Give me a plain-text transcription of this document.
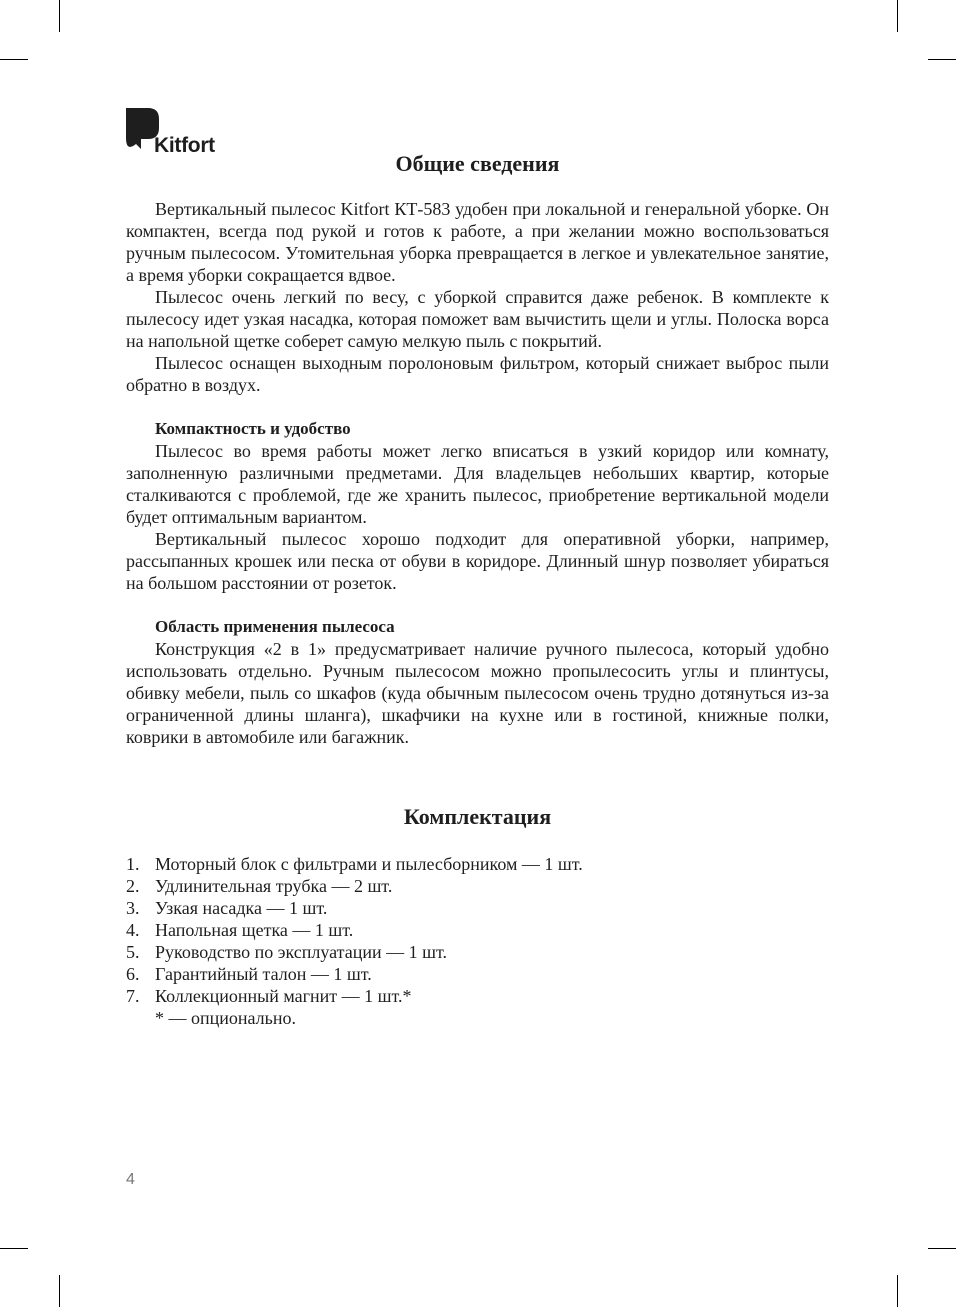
Kitfort
Общие сведения

Вертикальный пылесос Kitfort КТ-583 удобен при локальной и генеральной уборке. Он компактен, всегда под рукой и готов к работе, а при желании можно воспользоваться ручным пылесосом. Утомительная уборка превращается в легкое и увлекательное занятие, а время уборки сокращается вдвое.

Пылесос очень легкий по весу, с уборкой справится даже ребенок. В комплекте к пылесосу идет узкая насадка, которая поможет вам вычистить щели и углы. Полоска ворса на напольной щетке соберет самую мелкую пыль с покрытий.

Пылесос оснащен выходным поролоновым фильтром, который снижает выброс пыли обратно в воздух.

Компактность и удобство

Пылесос во время работы может легко вписаться в узкий коридор или комнату, заполненную различными предметами. Для владельцев небольших квартир, которые сталкиваются с проблемой, где же хранить пылесос, приобретение вертикальной модели будет оптимальным вариантом.

Вертикальный пылесос хорошо подходит для оперативной уборки, например, рассыпанных крошек или песка от обуви в коридоре. Длинный шнур позволяет убираться на большом расстоянии от розеток.

Область применения пылесоса

Конструкция «2 в 1» предусматривает наличие ручного пылесоса, который удобно использовать отдельно. Ручным пылесосом можно пропылесосить углы и плинтусы, обивку мебели, пыль со шкафов (куда обычным пылесосом очень трудно дотянуться из-за ограниченной длины шланга), шкафчики на кухне или в гостиной, книжные полки, коврики в автомобиле или багажник.

Комплектация
1. Моторный блок с фильтрами и пылесборником — 1 шт.
2. Удлинительная трубка — 2 шт.
3. Узкая насадка — 1 шт.
4. Напольная щетка — 1 шт.
5. Руководство по эксплуатации — 1 шт.
6. Гарантийный талон — 1 шт.
7. Коллекционный магнит — 1 шт.*
* — опционально.
4
